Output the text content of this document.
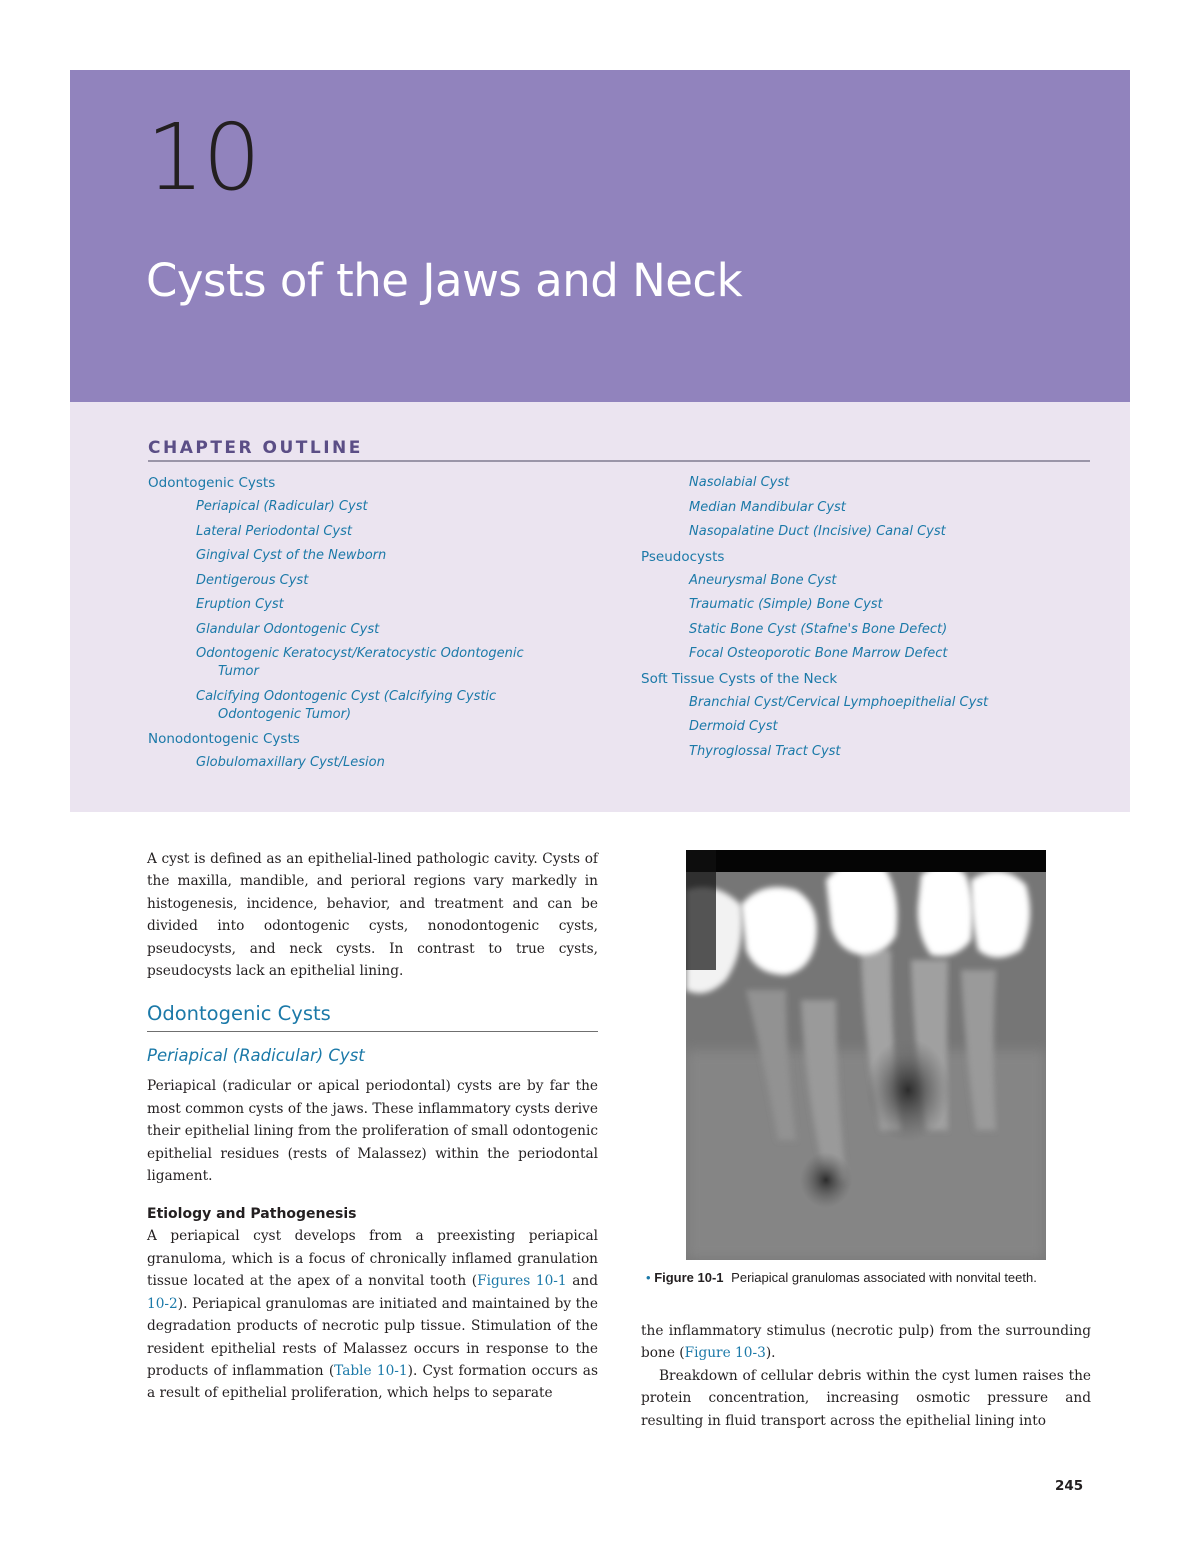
10
Cysts of the Jaws and Neck
CHAPTER OUTLINE
Odontogenic Cysts
Periapical (Radicular) Cyst
Lateral Periodontal Cyst
Gingival Cyst of the Newborn
Dentigerous Cyst
Eruption Cyst
Glandular Odontogenic Cyst
Odontogenic Keratocyst/Keratocystic Odontogenic
Tumor
Calcifying Odontogenic Cyst (Calcifying Cystic
Odontogenic Tumor)
Nonodontogenic Cysts
Globulomaxillary Cyst/Lesion
Nasolabial Cyst
Median Mandibular Cyst
Nasopalatine Duct (Incisive) Canal Cyst
Pseudocysts
Aneurysmal Bone Cyst
Traumatic (Simple) Bone Cyst
Static Bone Cyst (Stafne's Bone Defect)
Focal Osteoporotic Bone Marrow Defect
Soft Tissue Cysts of the Neck
Branchial Cyst/Cervical Lymphoepithelial Cyst
Dermoid Cyst
Thyroglossal Tract Cyst

A cyst is defined as an epithelial-lined pathologic cavity. Cysts of the maxilla, mandible, and perioral regions vary markedly in histogenesis, incidence, behavior, and treatment and can be divided into odontogenic cysts, nonodontogenic cysts, pseudocysts, and neck cysts. In contrast to true cysts, pseudocysts lack an epithelial lining.

Odontogenic Cysts
Periapical (Radicular) Cyst

Periapical (radicular or apical periodontal) cysts are by far the most common cysts of the jaws. These inflammatory cysts derive their epithelial lining from the proliferation of small odontogenic epithelial residues (rests of Malassez) within the periodontal ligament.

Etiology and Pathogenesis

A periapical cyst develops from a preexisting periapical granuloma, which is a focus of chronically inflamed granulation tissue located at the apex of a nonvital tooth (Figures 10-1 and 10-2). Periapical granulomas are initiated and maintained by the degradation products of necrotic pulp tissue. Stimulation of the resident epithelial rests of Malassez occurs in response to the products of inflammation (Table 10-1). Cyst formation occurs as a result of epithelial proliferation, which helps to separate

• Figure 10-1 Periapical granulomas associated with nonvital teeth.

the inflammatory stimulus (necrotic pulp) from the surrounding bone (Figure 10-3).

Breakdown of cellular debris within the cyst lumen raises the protein concentration, increasing osmotic pressure and resulting in fluid transport across the epithelial lining into

245
